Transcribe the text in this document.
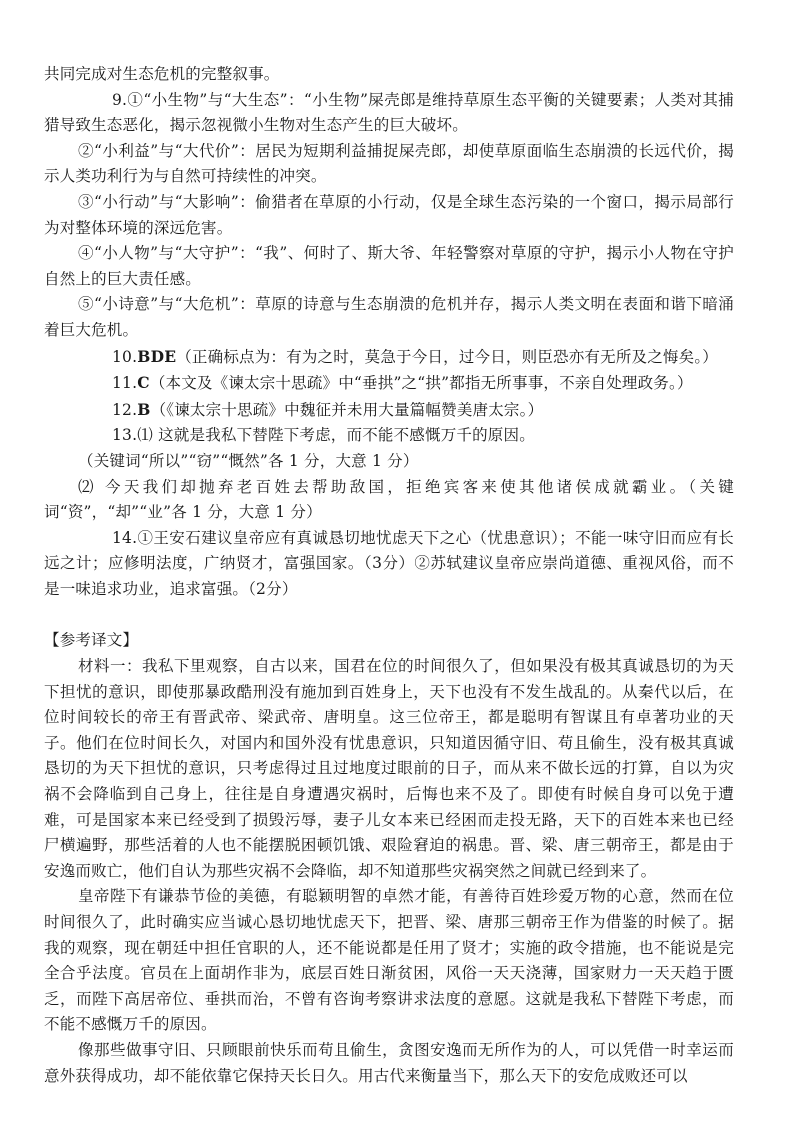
共同完成对生态危机的完整叙事。

9.①“小生物”与“大生态”：“小生物”屎壳郎是维持草原生态平衡的关键要素；人类对其捕猎导致生态恶化，揭示忽视微小生物对生态产生的巨大破坏。

②“小利益”与“大代价”：居民为短期利益捕捉屎壳郎，却使草原面临生态崩溃的长远代价，揭示人类功利行为与自然可持续性的冲突。

③“小行动”与“大影响”：偷猎者在草原的小行动，仅是全球生态污染的一个窗口，揭示局部行为对整体环境的深远危害。

④“小人物”与“大守护”：“我”、何时了、斯大爷、年轻警察对草原的守护，揭示小人物在守护自然上的巨大责任感。

⑤“小诗意”与“大危机”：草原的诗意与生态崩溃的危机并存，揭示人类文明在表面和谐下暗涌着巨大危机。

10.BDE（正确标点为：有为之时，莫急于今日，过今日，则臣恐亦有无所及之悔矣。）

11.C（本文及《谏太宗十思疏》中“垂拱”之“拱”都指无所事事，不亲自处理政务。）

12.B（《谏太宗十思疏》中魏征并未用大量篇幅赞美唐太宗。）

13.⑴ 这就是我私下替陛下考虑，而不能不感慨万千的原因。

（关键词“所以”“窃”“慨然”各 1 分，大意 1 分）

⑵ 今天我们却抛弃老百姓去帮助敌国，拒绝宾客来使其他诸侯成就霸业。（关键词“资”，“却”“业”各 1 分，大意 1 分）

14.①王安石建议皇帝应有真诚恳切地忧虑天下之心（忧患意识）；不能一味守旧而应有长远之计；应修明法度，广纳贤才，富强国家。（3分）②苏轼建议皇帝应崇尚道德、重视风俗，而不是一味追求功业，追求富强。（2分）

【参考译文】

材料一：我私下里观察，自古以来，国君在位的时间很久了，但如果没有极其真诚恳切的为天下担忧的意识，即使那暴政酷刑没有施加到百姓身上，天下也没有不发生战乱的。从秦代以后，在位时间较长的帝王有晋武帝、梁武帝、唐明皇。这三位帝王，都是聪明有智谋且有卓著功业的天子。他们在位时间长久，对国内和国外没有忧患意识，只知道因循守旧、苟且偷生，没有极其真诚恳切的为天下担忧的意识，只考虑得过且过地度过眼前的日子，而从来不做长远的打算，自以为灾祸不会降临到自己身上，往往是自身遭遇灾祸时，后悔也来不及了。即使有时候自身可以免于遭难，可是国家本来已经受到了损毁污辱，妻子儿女本来已经困而走投无路，天下的百姓本来也已经尸横遍野，那些活着的人也不能摆脱困顿饥饿、艰险窘迫的祸患。晋、梁、唐三朝帝王，都是由于安逸而败亡，他们自认为那些灾祸不会降临，却不知道那些灾祸突然之间就已经到来了。

皇帝陛下有谦恭节俭的美德，有聪颖明智的卓然才能，有善待百姓珍爱万物的心意，然而在位时间很久了，此时确实应当诚心恳切地忧虑天下，把晋、梁、唐那三朝帝王作为借鉴的时候了。据我的观察，现在朝廷中担任官职的人，还不能说都是任用了贤才；实施的政令措施，也不能说是完全合乎法度。官员在上面胡作非为，底层百姓日渐贫困，风俗一天天浇薄，国家财力一天天趋于匮乏，而陛下高居帝位、垂拱而治，不曾有咨询考察讲求法度的意愿。这就是我私下替陛下考虑，而不能不感慨万千的原因。

像那些做事守旧、只顾眼前快乐而苟且偷生，贪图安逸而无所作为的人，可以凭借一时幸运而意外获得成功，却不能依靠它保持天长日久。用古代来衡量当下，那么天下的安危成败还可以
